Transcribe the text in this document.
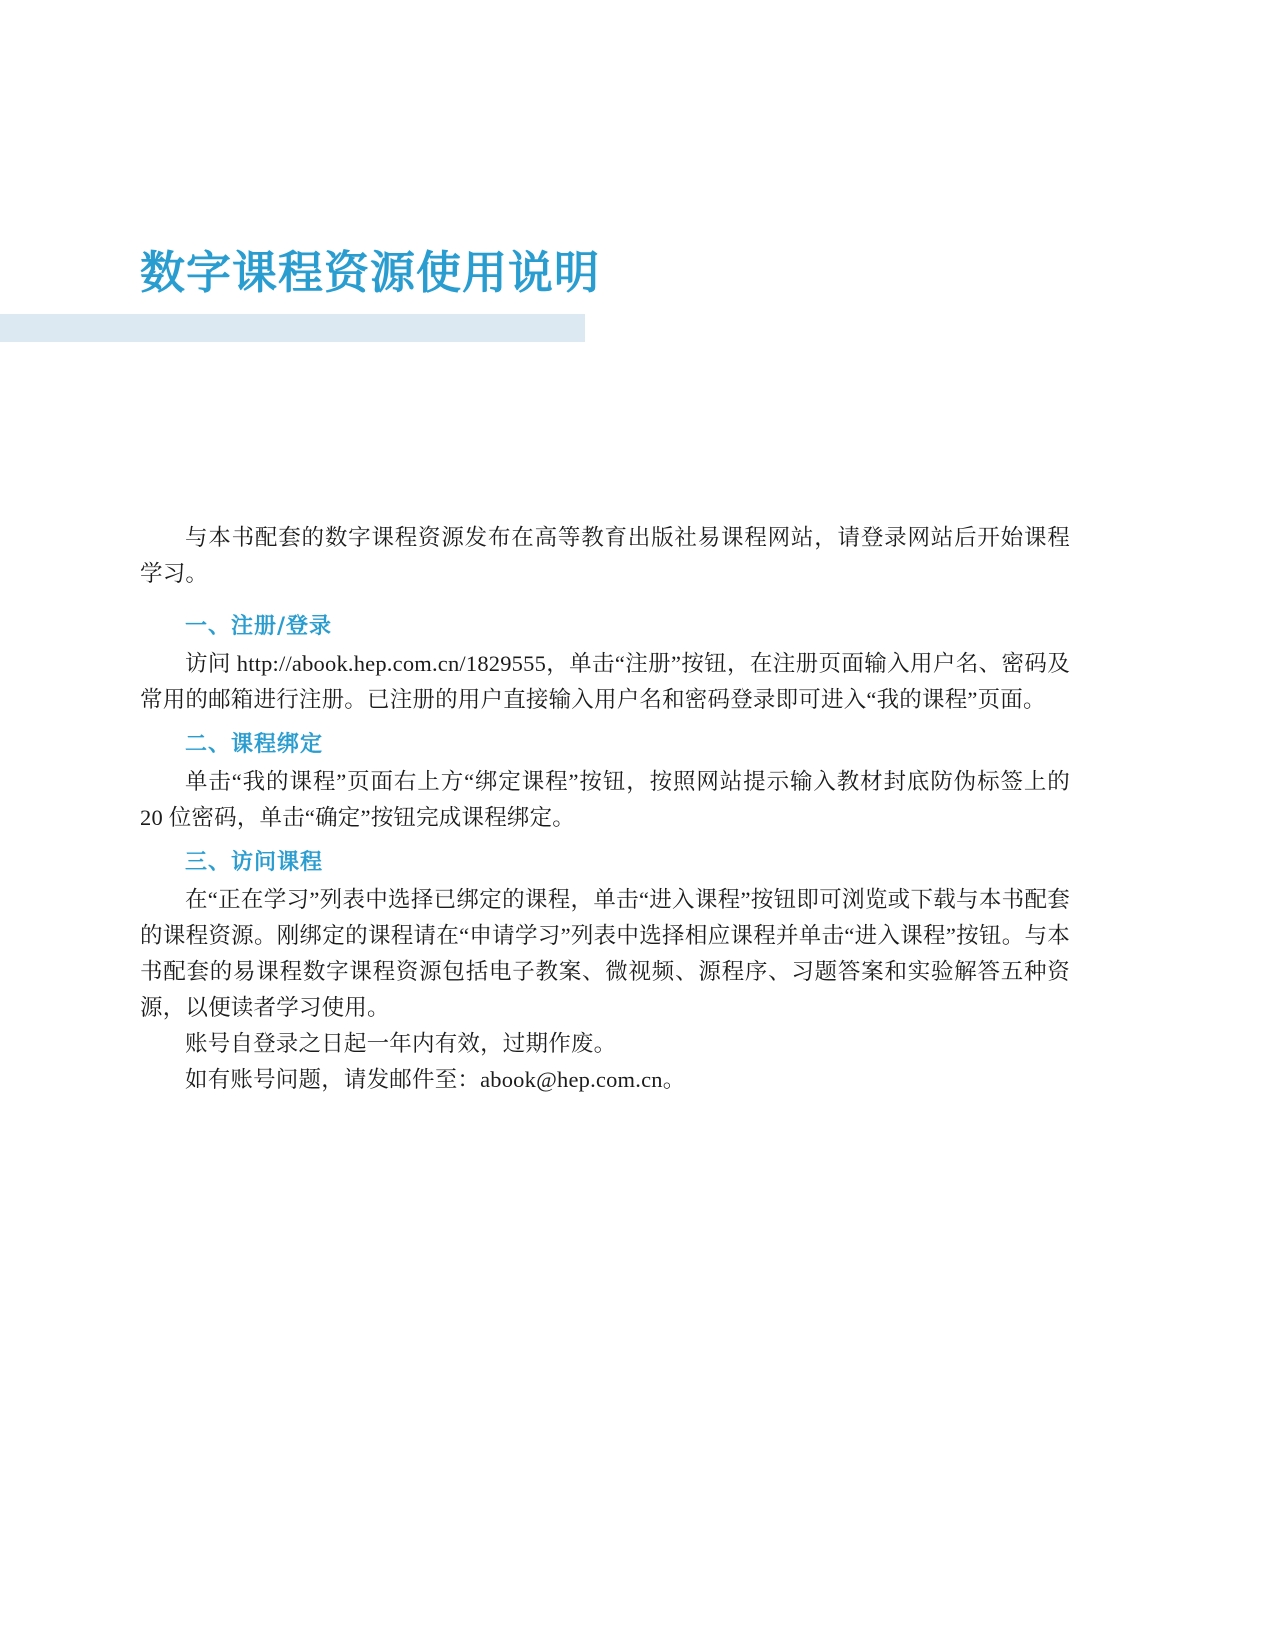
数字课程资源使用说明

与本书配套的数字课程资源发布在高等教育出版社易课程网站，请登录网站后开始课程学习。

一、注册/登录

访问 http://abook.hep.com.cn/1829555，单击“注册”按钮，在注册页面输入用户名、密码及常用的邮箱进行注册。已注册的用户直接输入用户名和密码登录即可进入“我的课程”页面。

二、课程绑定

单击“我的课程”页面右上方“绑定课程”按钮，按照网站提示输入教材封底防伪标签上的 20 位密码，单击“确定”按钮完成课程绑定。

三、访问课程

在“正在学习”列表中选择已绑定的课程，单击“进入课程”按钮即可浏览或下载与本书配套的课程资源。刚绑定的课程请在“申请学习”列表中选择相应课程并单击“进入课程”按钮。与本书配套的易课程数字课程资源包括电子教案、微视频、源程序、习题答案和实验解答五种资源，以便读者学习使用。

账号自登录之日起一年内有效，过期作废。

如有账号问题，请发邮件至：abook@hep.com.cn。
